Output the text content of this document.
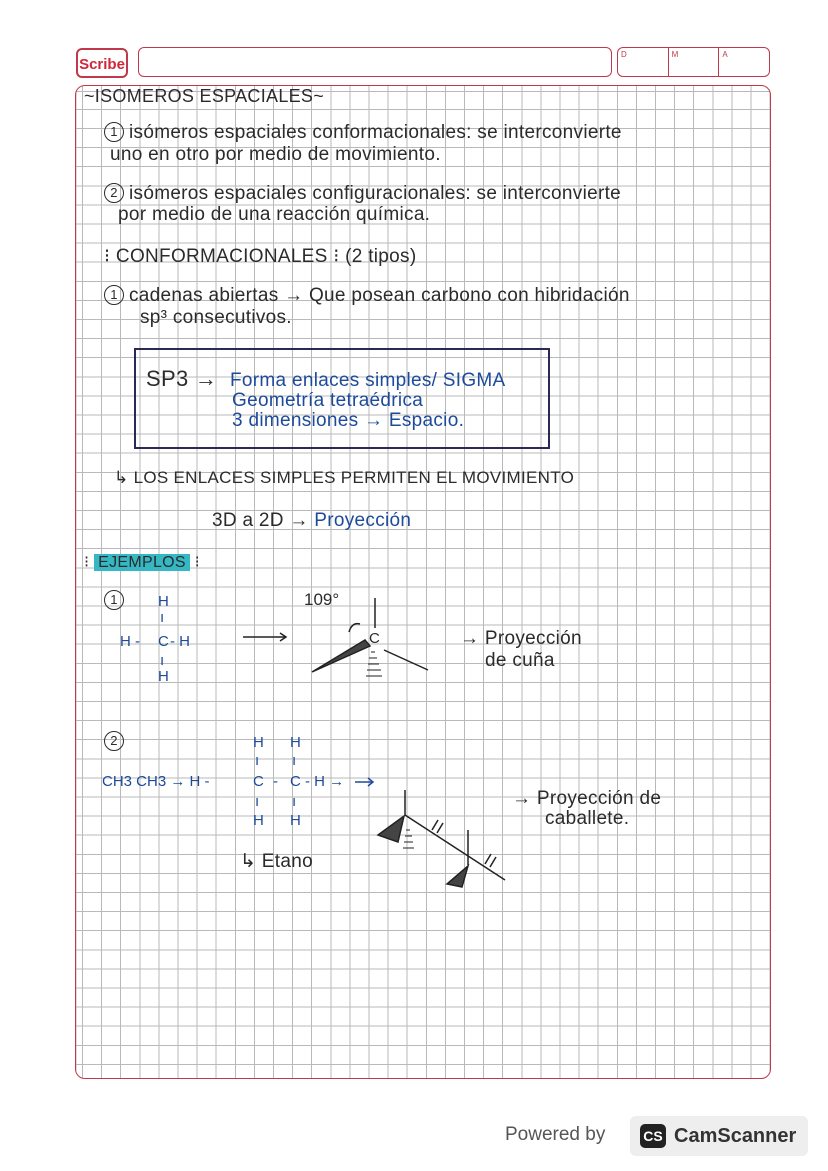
Scribe
D	M	A
~ISOMEROS ESPACIALES~
1 isómeros espaciales conformacionales: se interconvierte
uno en otro por medio de movimiento.
2 isómeros espaciales configuracionales: se interconvierte
por medio de una reacción química.
⁝ CONFORMACIONALES ⁝ (2 tipos)
1 cadenas abiertas → Que posean carbono con hibridación
sp³ consecutivos.
SP3 → Forma enlaces simples/ SIGMA
Geometría tetraédrica
3 dimensiones → Espacio.
↳ LOS ENLACES SIMPLES PERMITEN EL MOVIMIENTO
3D a 2D → Proyección
⁝ EJEMPLOS ⁝
1	H
ı
H - C - H
ı
H
109°
C	→ Proyección
de cuña
2	H H
ı ı
CH3 CH3 → H -	C - C - H →
ı ı
H H
↳ Etano
→ Proyección de
caballete.
Powered by	CS CamScanner
